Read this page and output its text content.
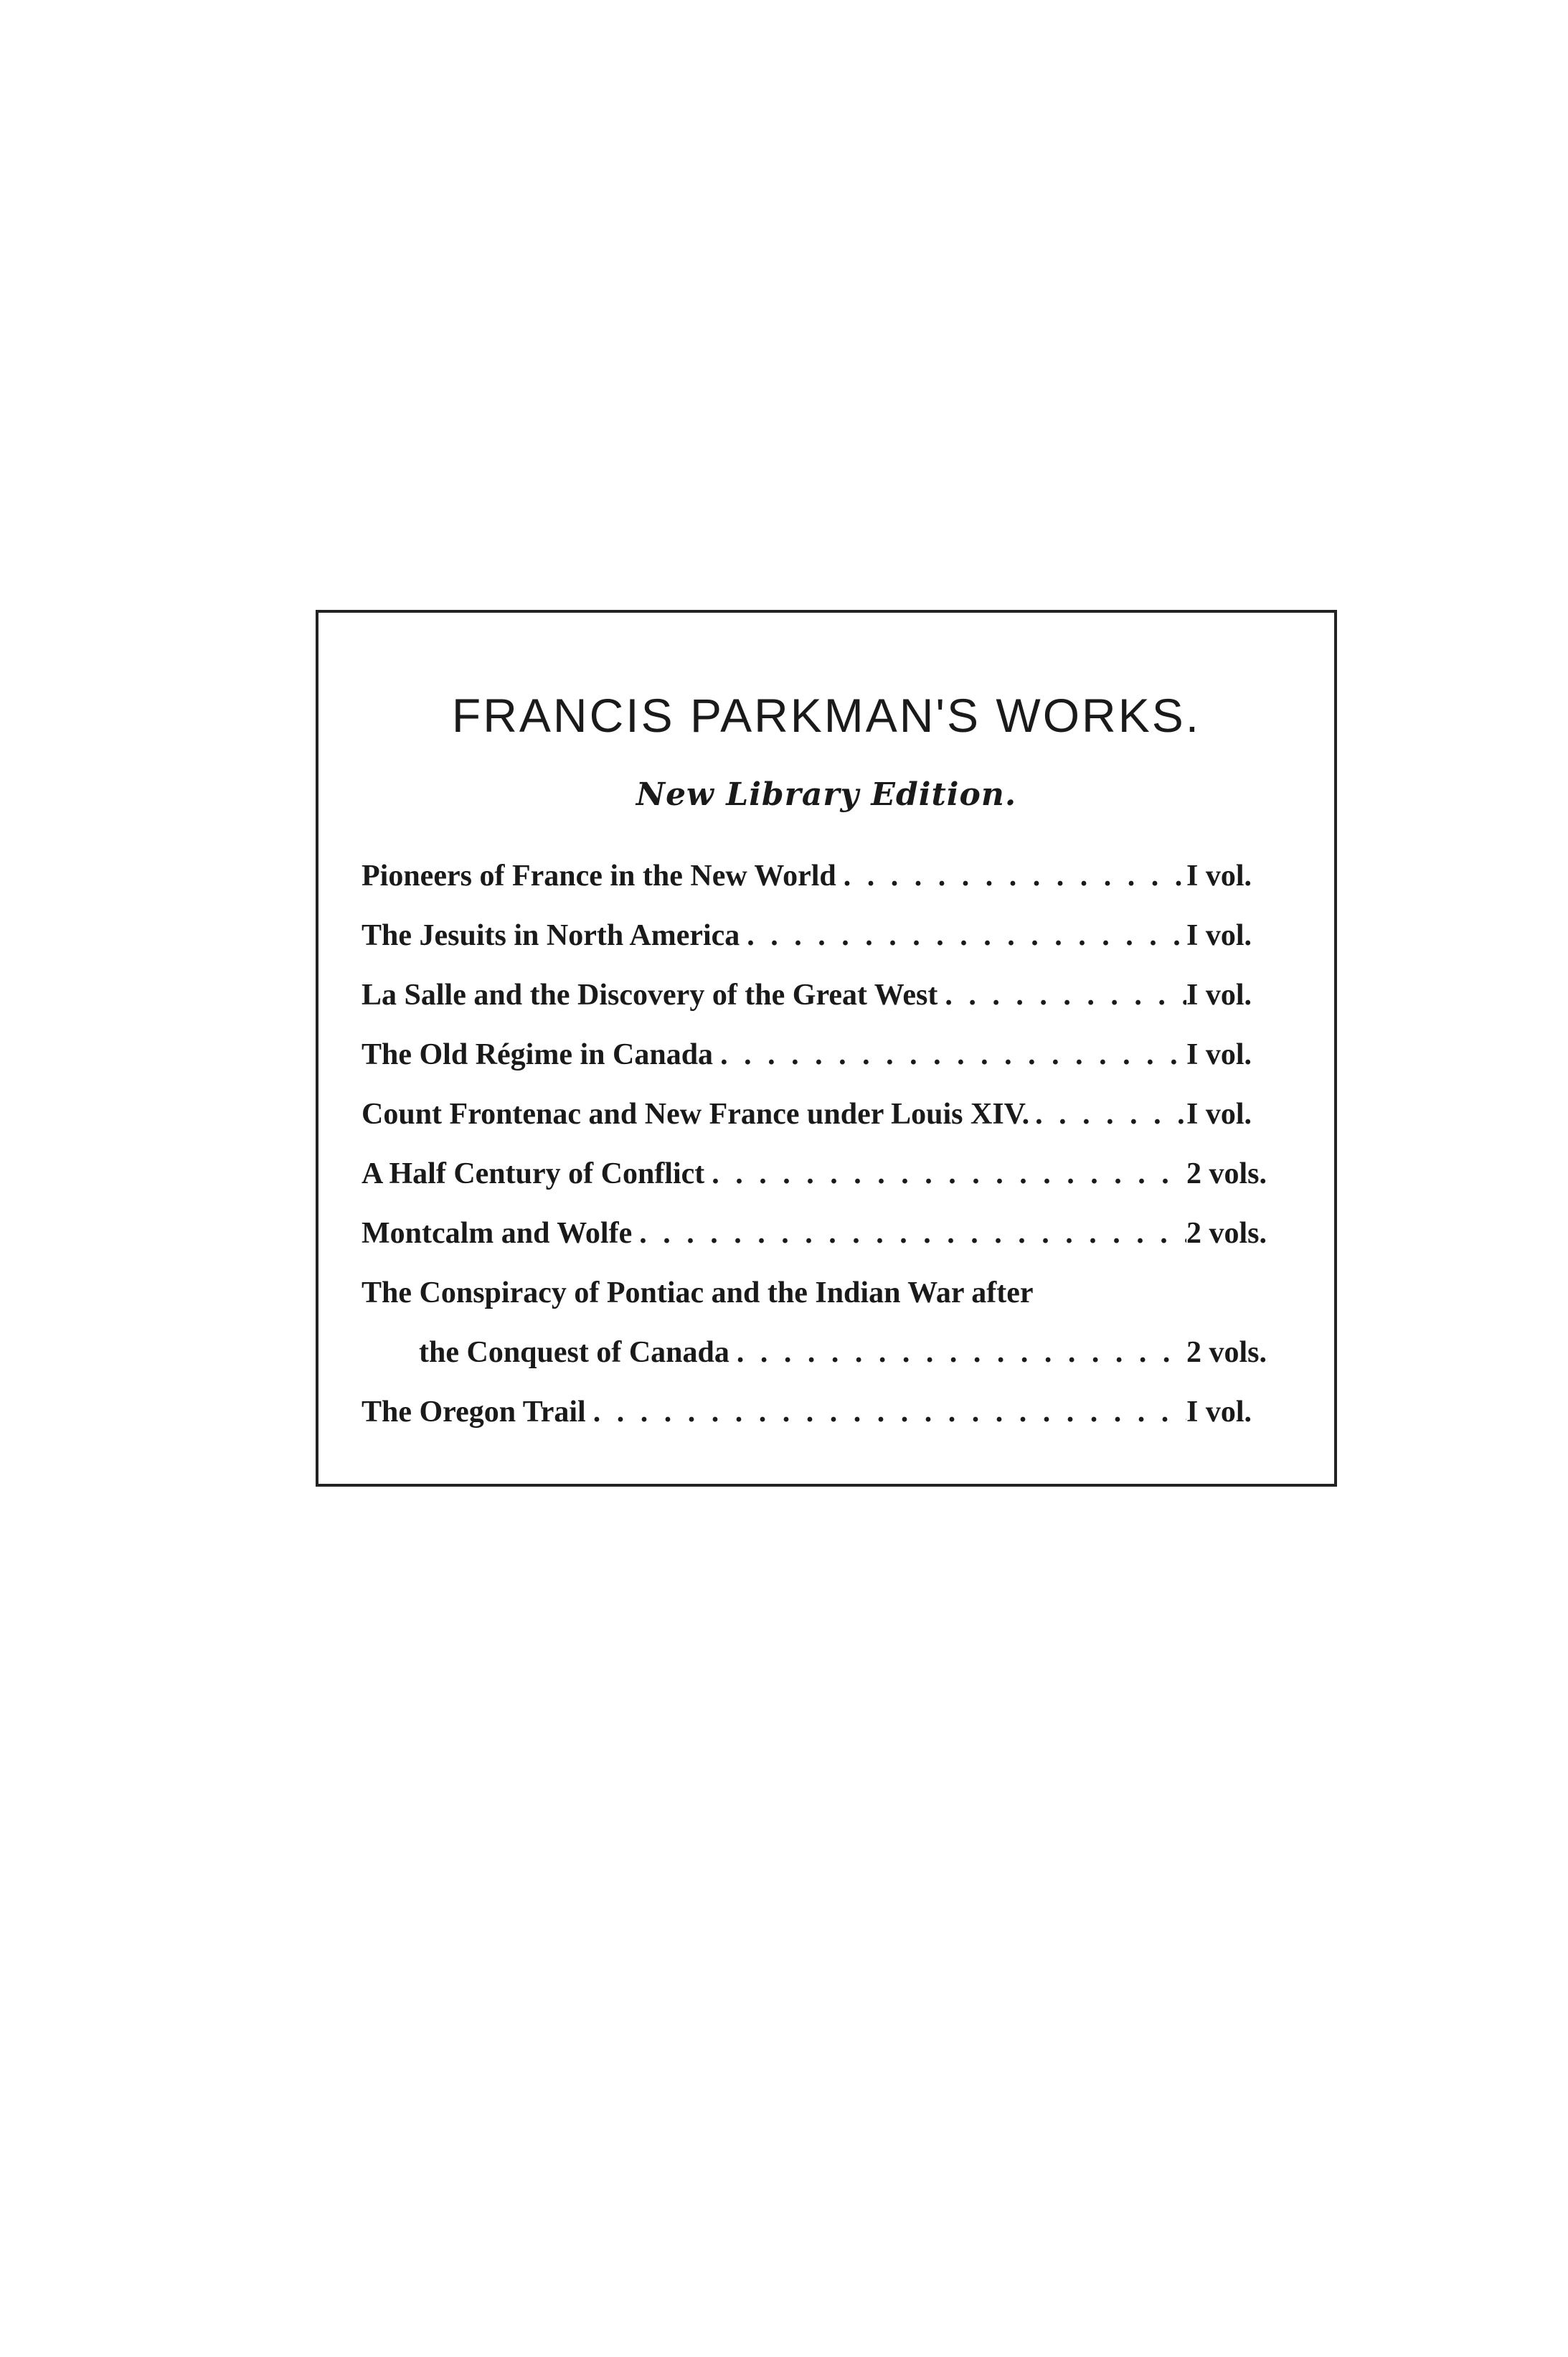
FRANCIS PARKMAN'S WORKS.
New Library Edition.
Pioneers of France in the New World . . .	I vol.
The Jesuits in North America . . .	I vol.
La Salle and the Discovery of the Great West . . .	I vol.
The Old Régime in Canada . . .	I vol.
Count Frontenac and New France under Louis XIV. . . .	I vol.
A Half Century of Conflict . . .	2 vols.
Montcalm and Wolfe . . .	2 vols.
The Conspiracy of Pontiac and the Indian War after
the Conquest of Canada . . .	2 vols.
The Oregon Trail . . .	I vol.
